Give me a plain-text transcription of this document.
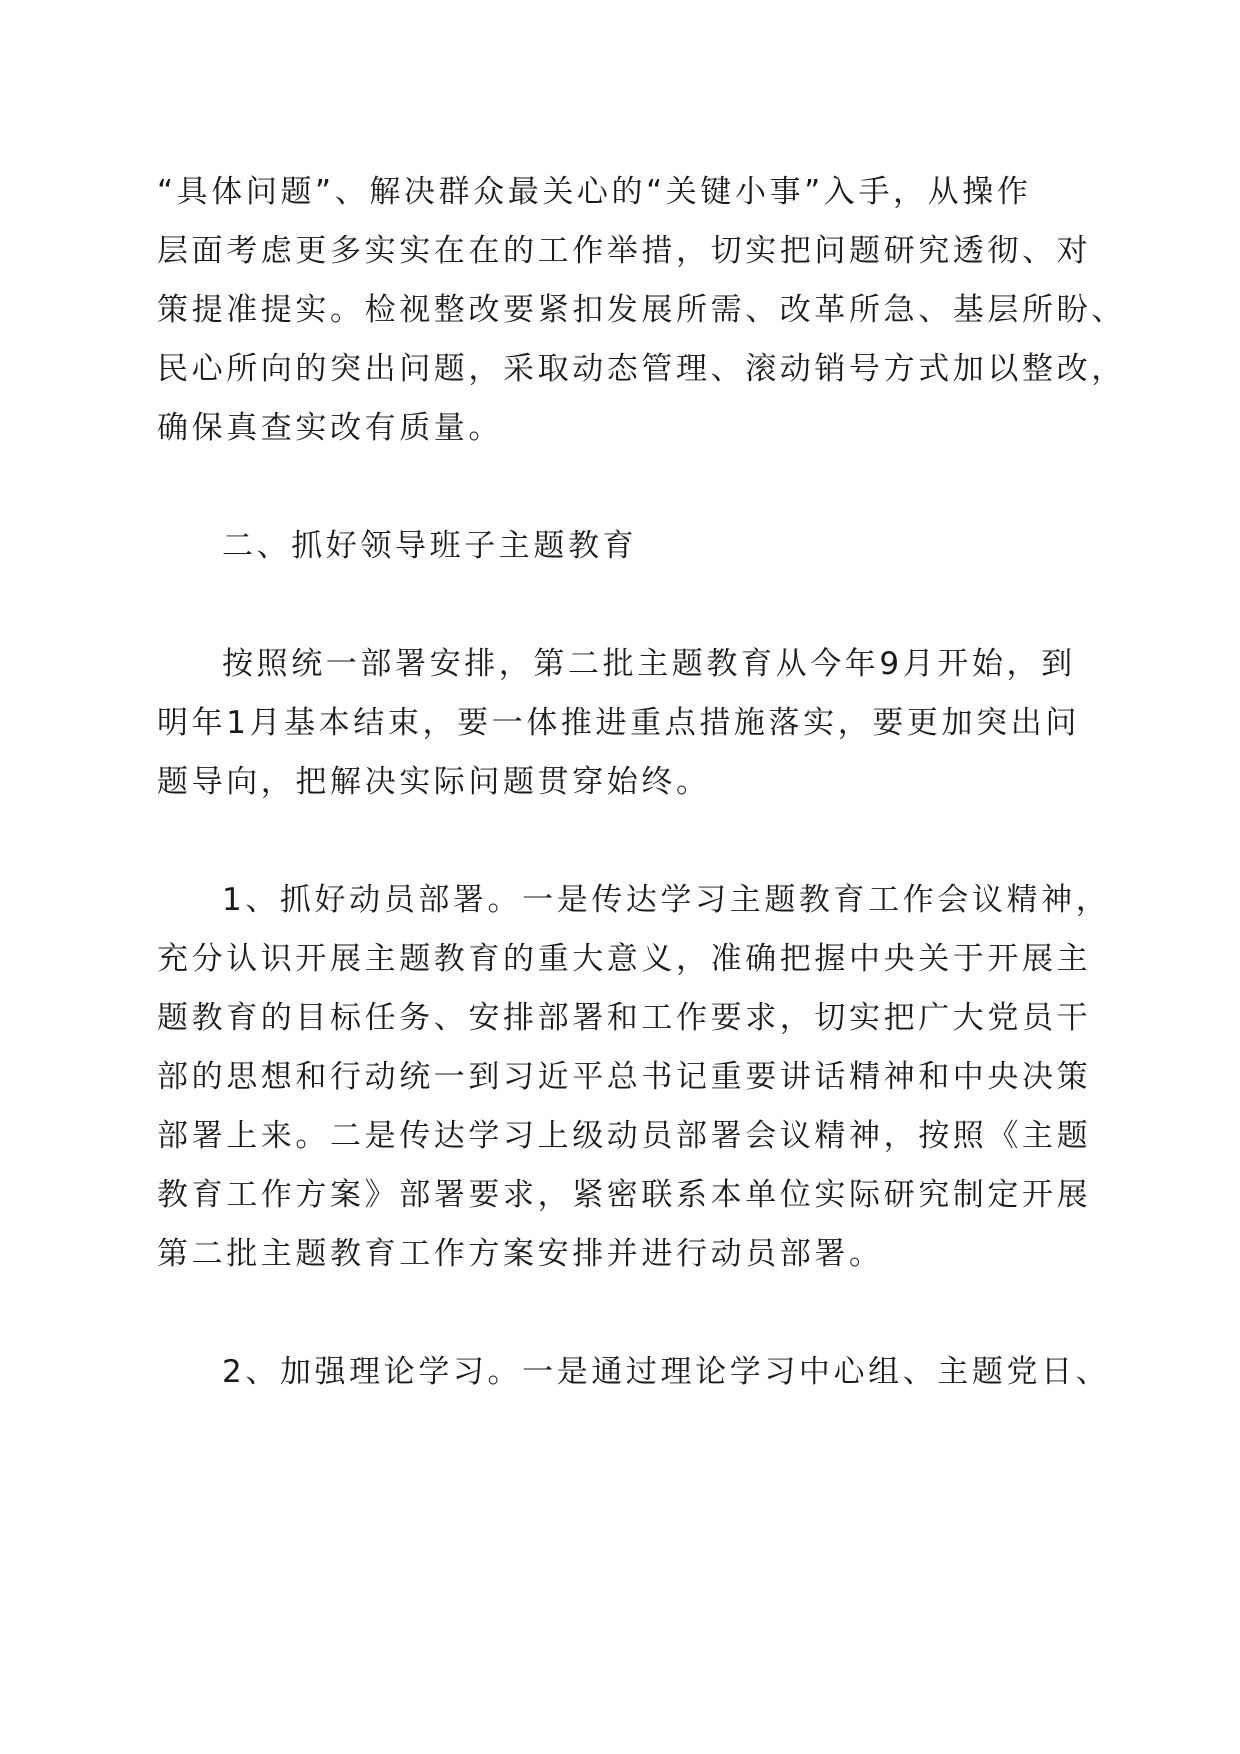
“具体问题”、解决群众最关心的“关键小事”入手，从操作
层面考虑更多实实在在的工作举措，切实把问题研究透彻、对
策提准提实。检视整改要紧扣发展所需、改革所急、基层所盼、
民心所向的突出问题，采取动态管理、滚动销号方式加以整改，
确保真查实改有质量。
二、抓好领导班子主题教育
按照统一部署安排，第二批主题教育从今年9月开始，到
明年1月基本结束，要一体推进重点措施落实，要更加突出问
题导向，把解决实际问题贯穿始终。
1、抓好动员部署。一是传达学习主题教育工作会议精神，
充分认识开展主题教育的重大意义，准确把握中央关于开展主
题教育的目标任务、安排部署和工作要求，切实把广大党员干
部的思想和行动统一到习近平总书记重要讲话精神和中央决策
部署上来。二是传达学习上级动员部署会议精神，按照《主题
教育工作方案》部署要求，紧密联系本单位实际研究制定开展
第二批主题教育工作方案安排并进行动员部署。
2、加强理论学习。一是通过理论学习中心组、主题党日、
